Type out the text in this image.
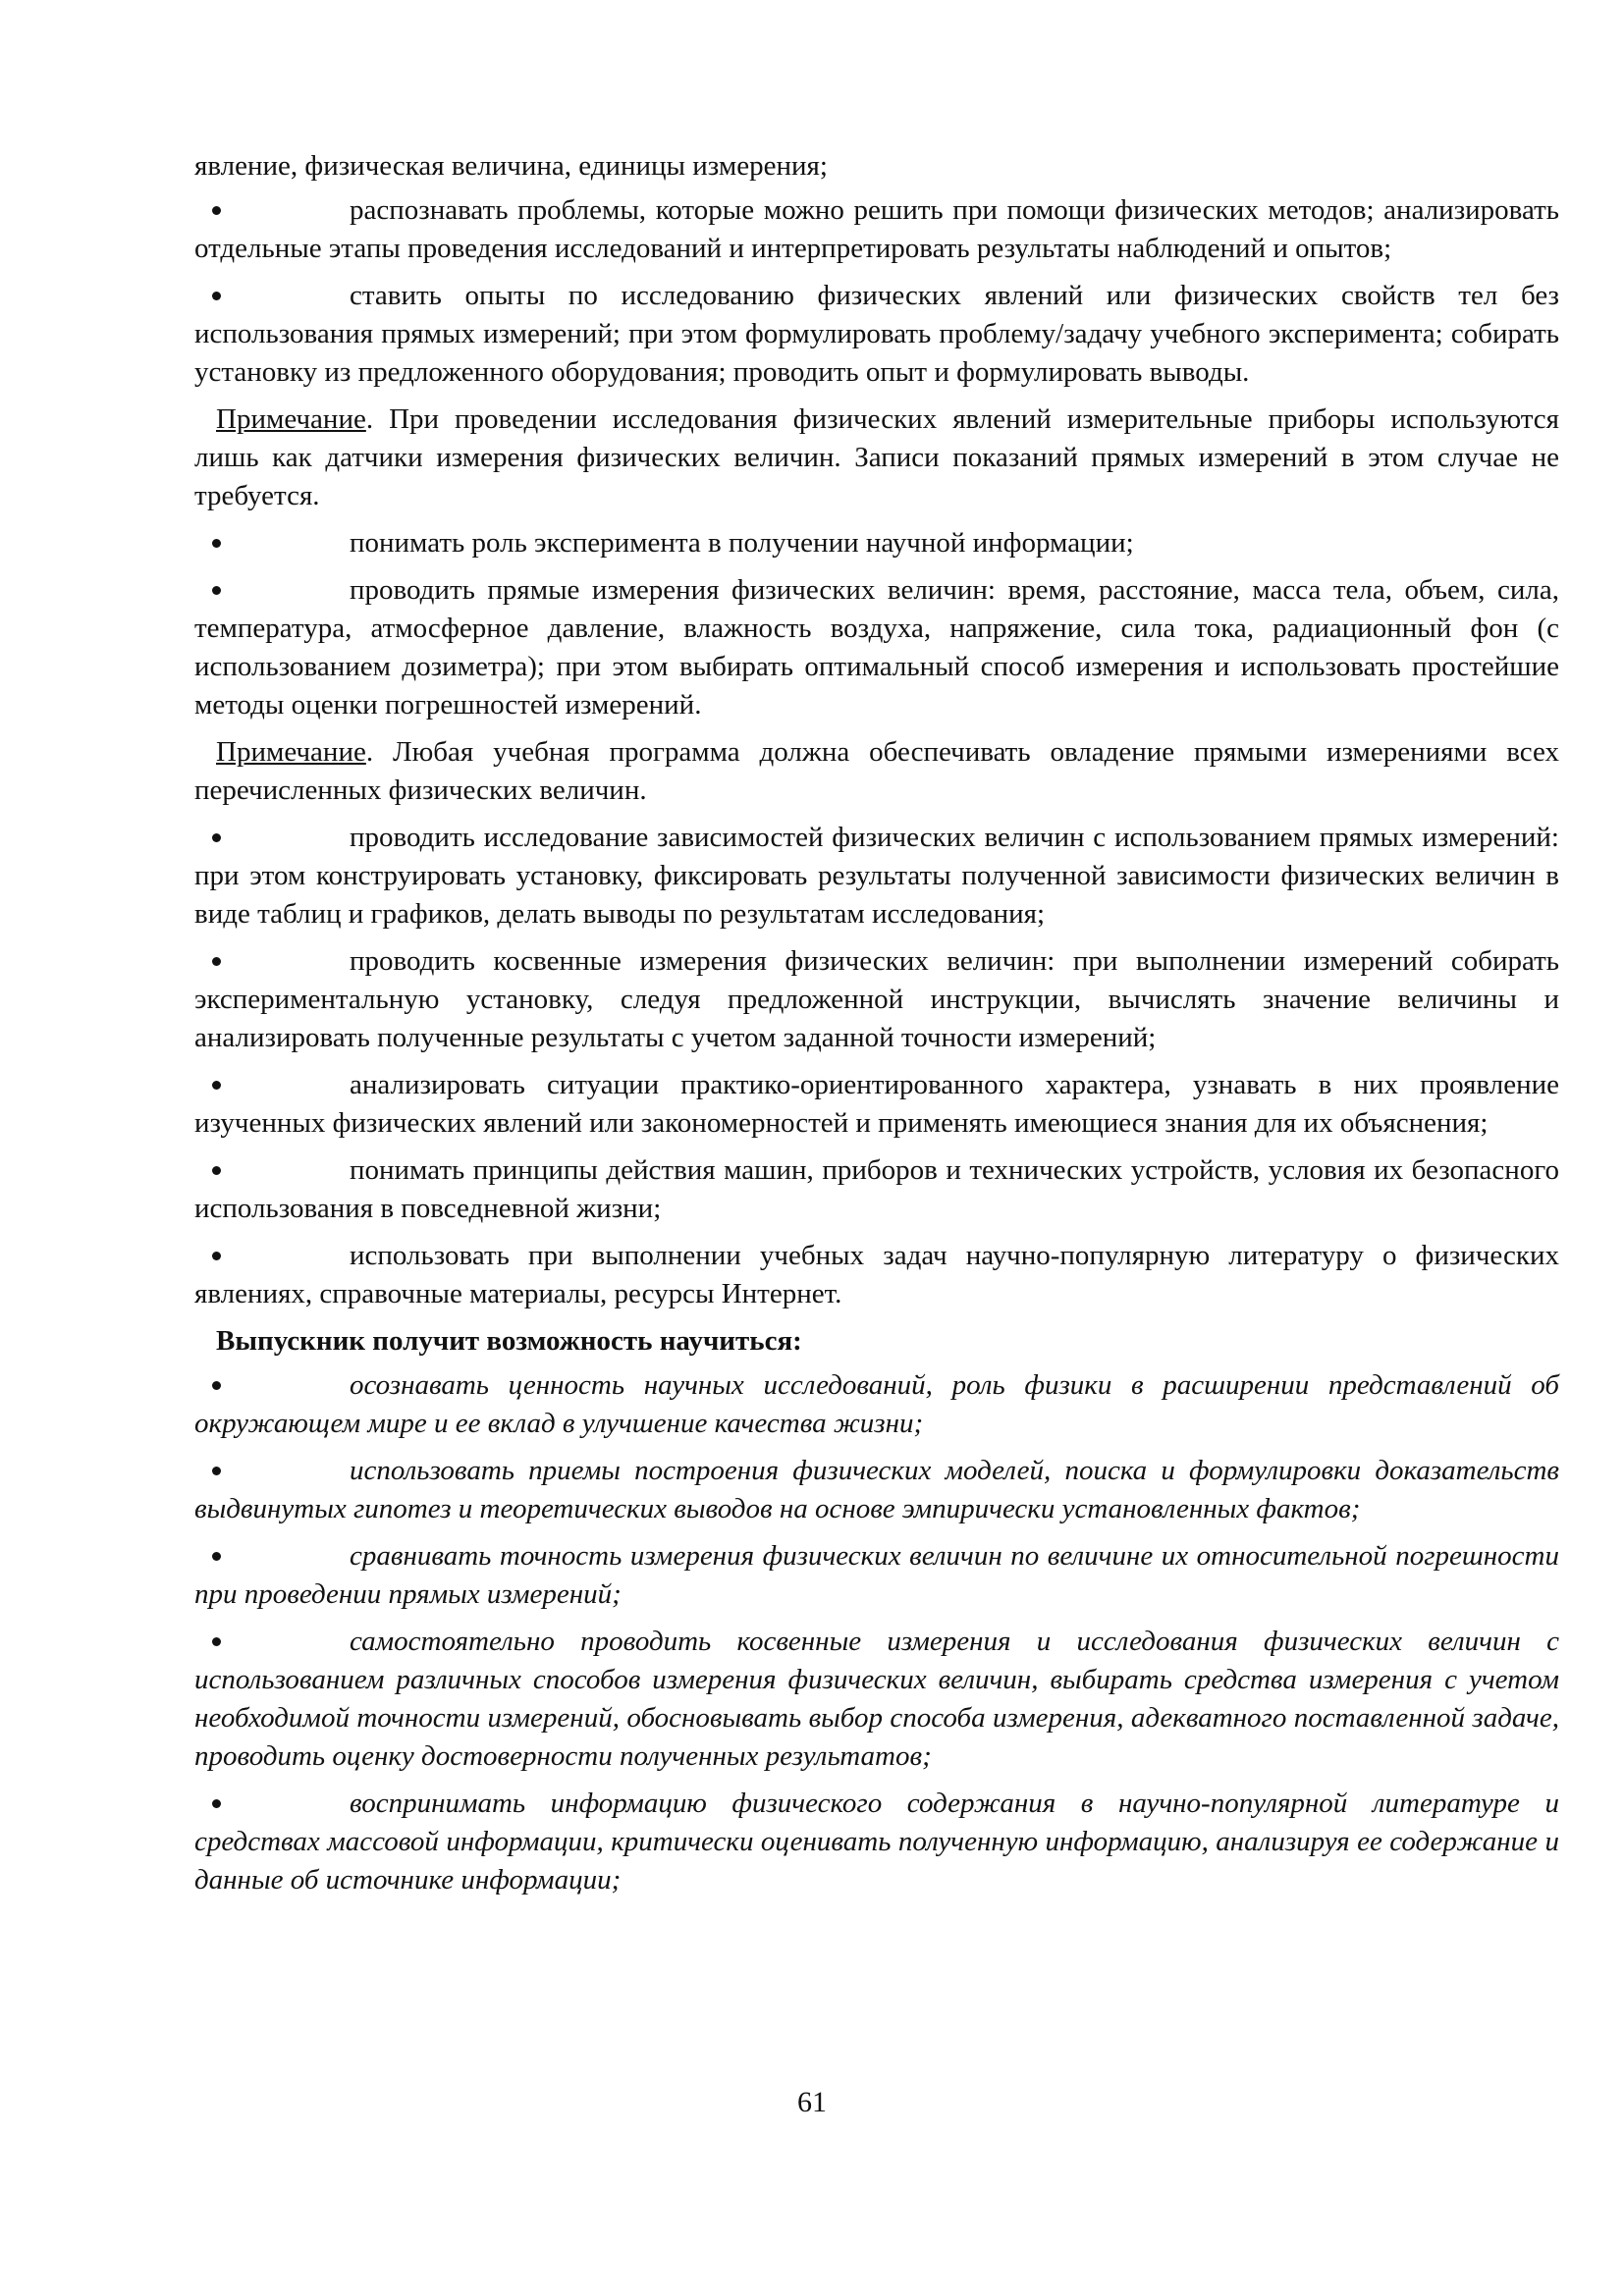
явление, физическая величина, единицы измерения;

распознавать проблемы, которые можно решить при помощи физических методов; анализировать отдельные этапы проведения исследований и интерпретировать результаты наблюдений и опытов;

ставить опыты по исследованию физических явлений или физических свойств тел без использования прямых измерений; при этом формулировать проблему/задачу учебного эксперимента; собирать установку из предложенного оборудования; проводить опыт и формулировать выводы.

Примечание. При проведении исследования физических явлений измерительные приборы используются лишь как датчики измерения физических величин. Записи показаний прямых измерений в этом случае не требуется.

понимать роль эксперимента в получении научной информации;

проводить прямые измерения физических величин: время, расстояние, масса тела, объем, сила, температура, атмосферное давление, влажность воздуха, напряжение, сила тока, радиационный фон (с использованием дозиметра); при этом выбирать оптимальный способ измерения и использовать простейшие методы оценки погрешностей измерений.

Примечание. Любая учебная программа должна обеспечивать овладение прямыми измерениями всех перечисленных физических величин.

проводить исследование зависимостей физических величин с использованием прямых измерений: при этом конструировать установку, фиксировать результаты полученной зависимости физических величин в виде таблиц и графиков, делать выводы по результатам исследования;

проводить косвенные измерения физических величин: при выполнении измерений собирать экспериментальную установку, следуя предложенной инструкции, вычислять значение величины и анализировать полученные результаты с учетом заданной точности измерений;

анализировать ситуации практико-ориентированного характера, узнавать в них проявление изученных физических явлений или закономерностей и применять имеющиеся знания для их объяснения;

понимать принципы действия машин, приборов и технических устройств, условия их безопасного использования в повседневной жизни;

использовать при выполнении учебных задач научно-популярную литературу о физических явлениях, справочные материалы, ресурсы Интернет.

Выпускник получит возможность научиться:

осознавать ценность научных исследований, роль физики в расширении представлений об окружающем мире и ее вклад в улучшение качества жизни;

использовать приемы построения физических моделей, поиска и формулировки доказательств выдвинутых гипотез и теоретических выводов на основе эмпирически установленных фактов;

сравнивать точность измерения физических величин по величине их относительной погрешности при проведении прямых измерений;

самостоятельно проводить косвенные измерения и исследования физических величин с использованием различных способов измерения физических величин, выбирать средства измерения с учетом необходимой точности измерений, обосновывать выбор способа измерения, адекватного поставленной задаче, проводить оценку достоверности полученных результатов;

воспринимать информацию физического содержания в научно-популярной литературе и средствах массовой информации, критически оценивать полученную информацию, анализируя ее содержание и данные об источнике информации;

61
